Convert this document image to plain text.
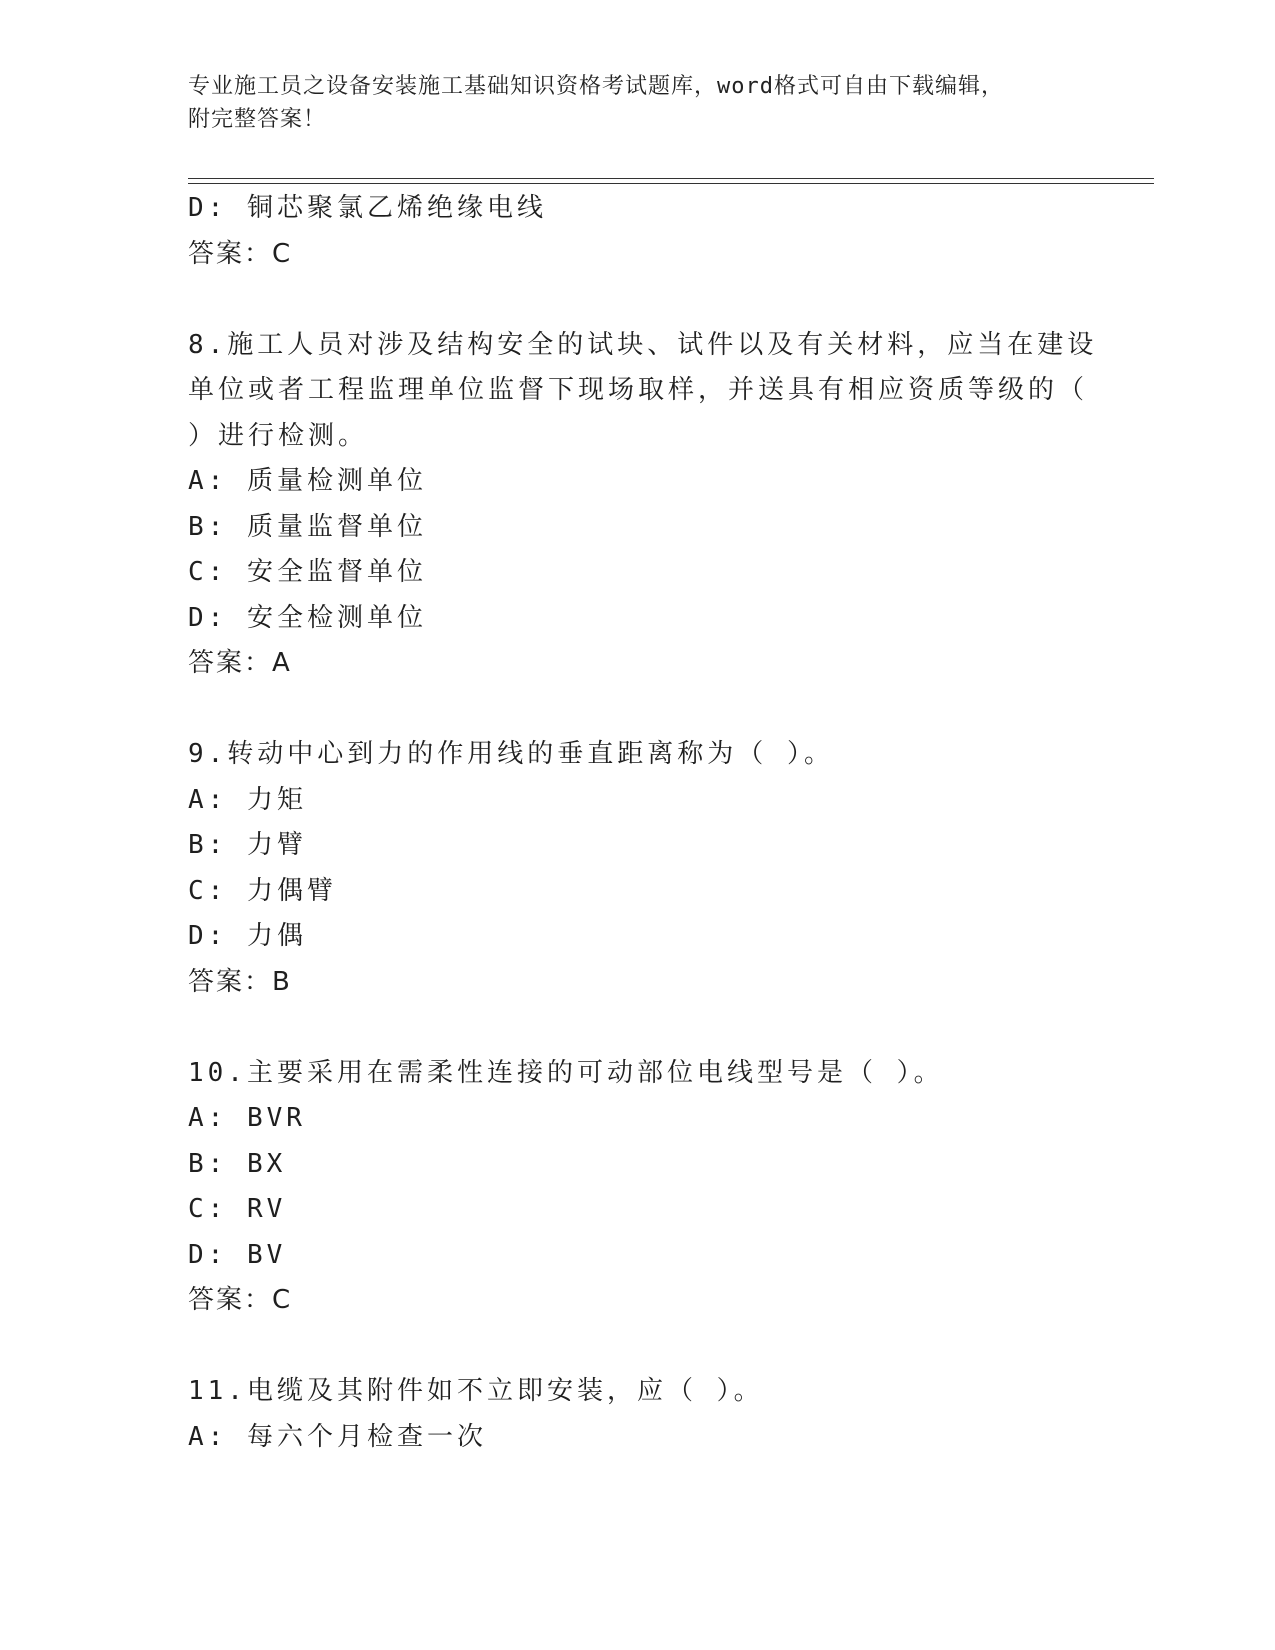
专业施工员之设备安装施工基础知识资格考试题库，word格式可自由下载编辑，
附完整答案！
D: 铜芯聚氯乙烯绝缘电线
答案：C
8.施工人员对涉及结构安全的试块、试件以及有关材料，应当在建设
单位或者工程监理单位监督下现场取样，并送具有相应资质等级的（
）进行检测。
A: 质量检测单位
B: 质量监督单位
C: 安全监督单位
D: 安全检测单位
答案：A
9.转动中心到力的作用线的垂直距离称为（ ）。
A: 力矩
B: 力臂
C: 力偶臂
D: 力偶
答案：B
10.主要采用在需柔性连接的可动部位电线型号是（ ）。
A: BVR
B: BX
C: RV
D: BV
答案：C
11.电缆及其附件如不立即安装，应（ ）。
A: 每六个月检查一次
